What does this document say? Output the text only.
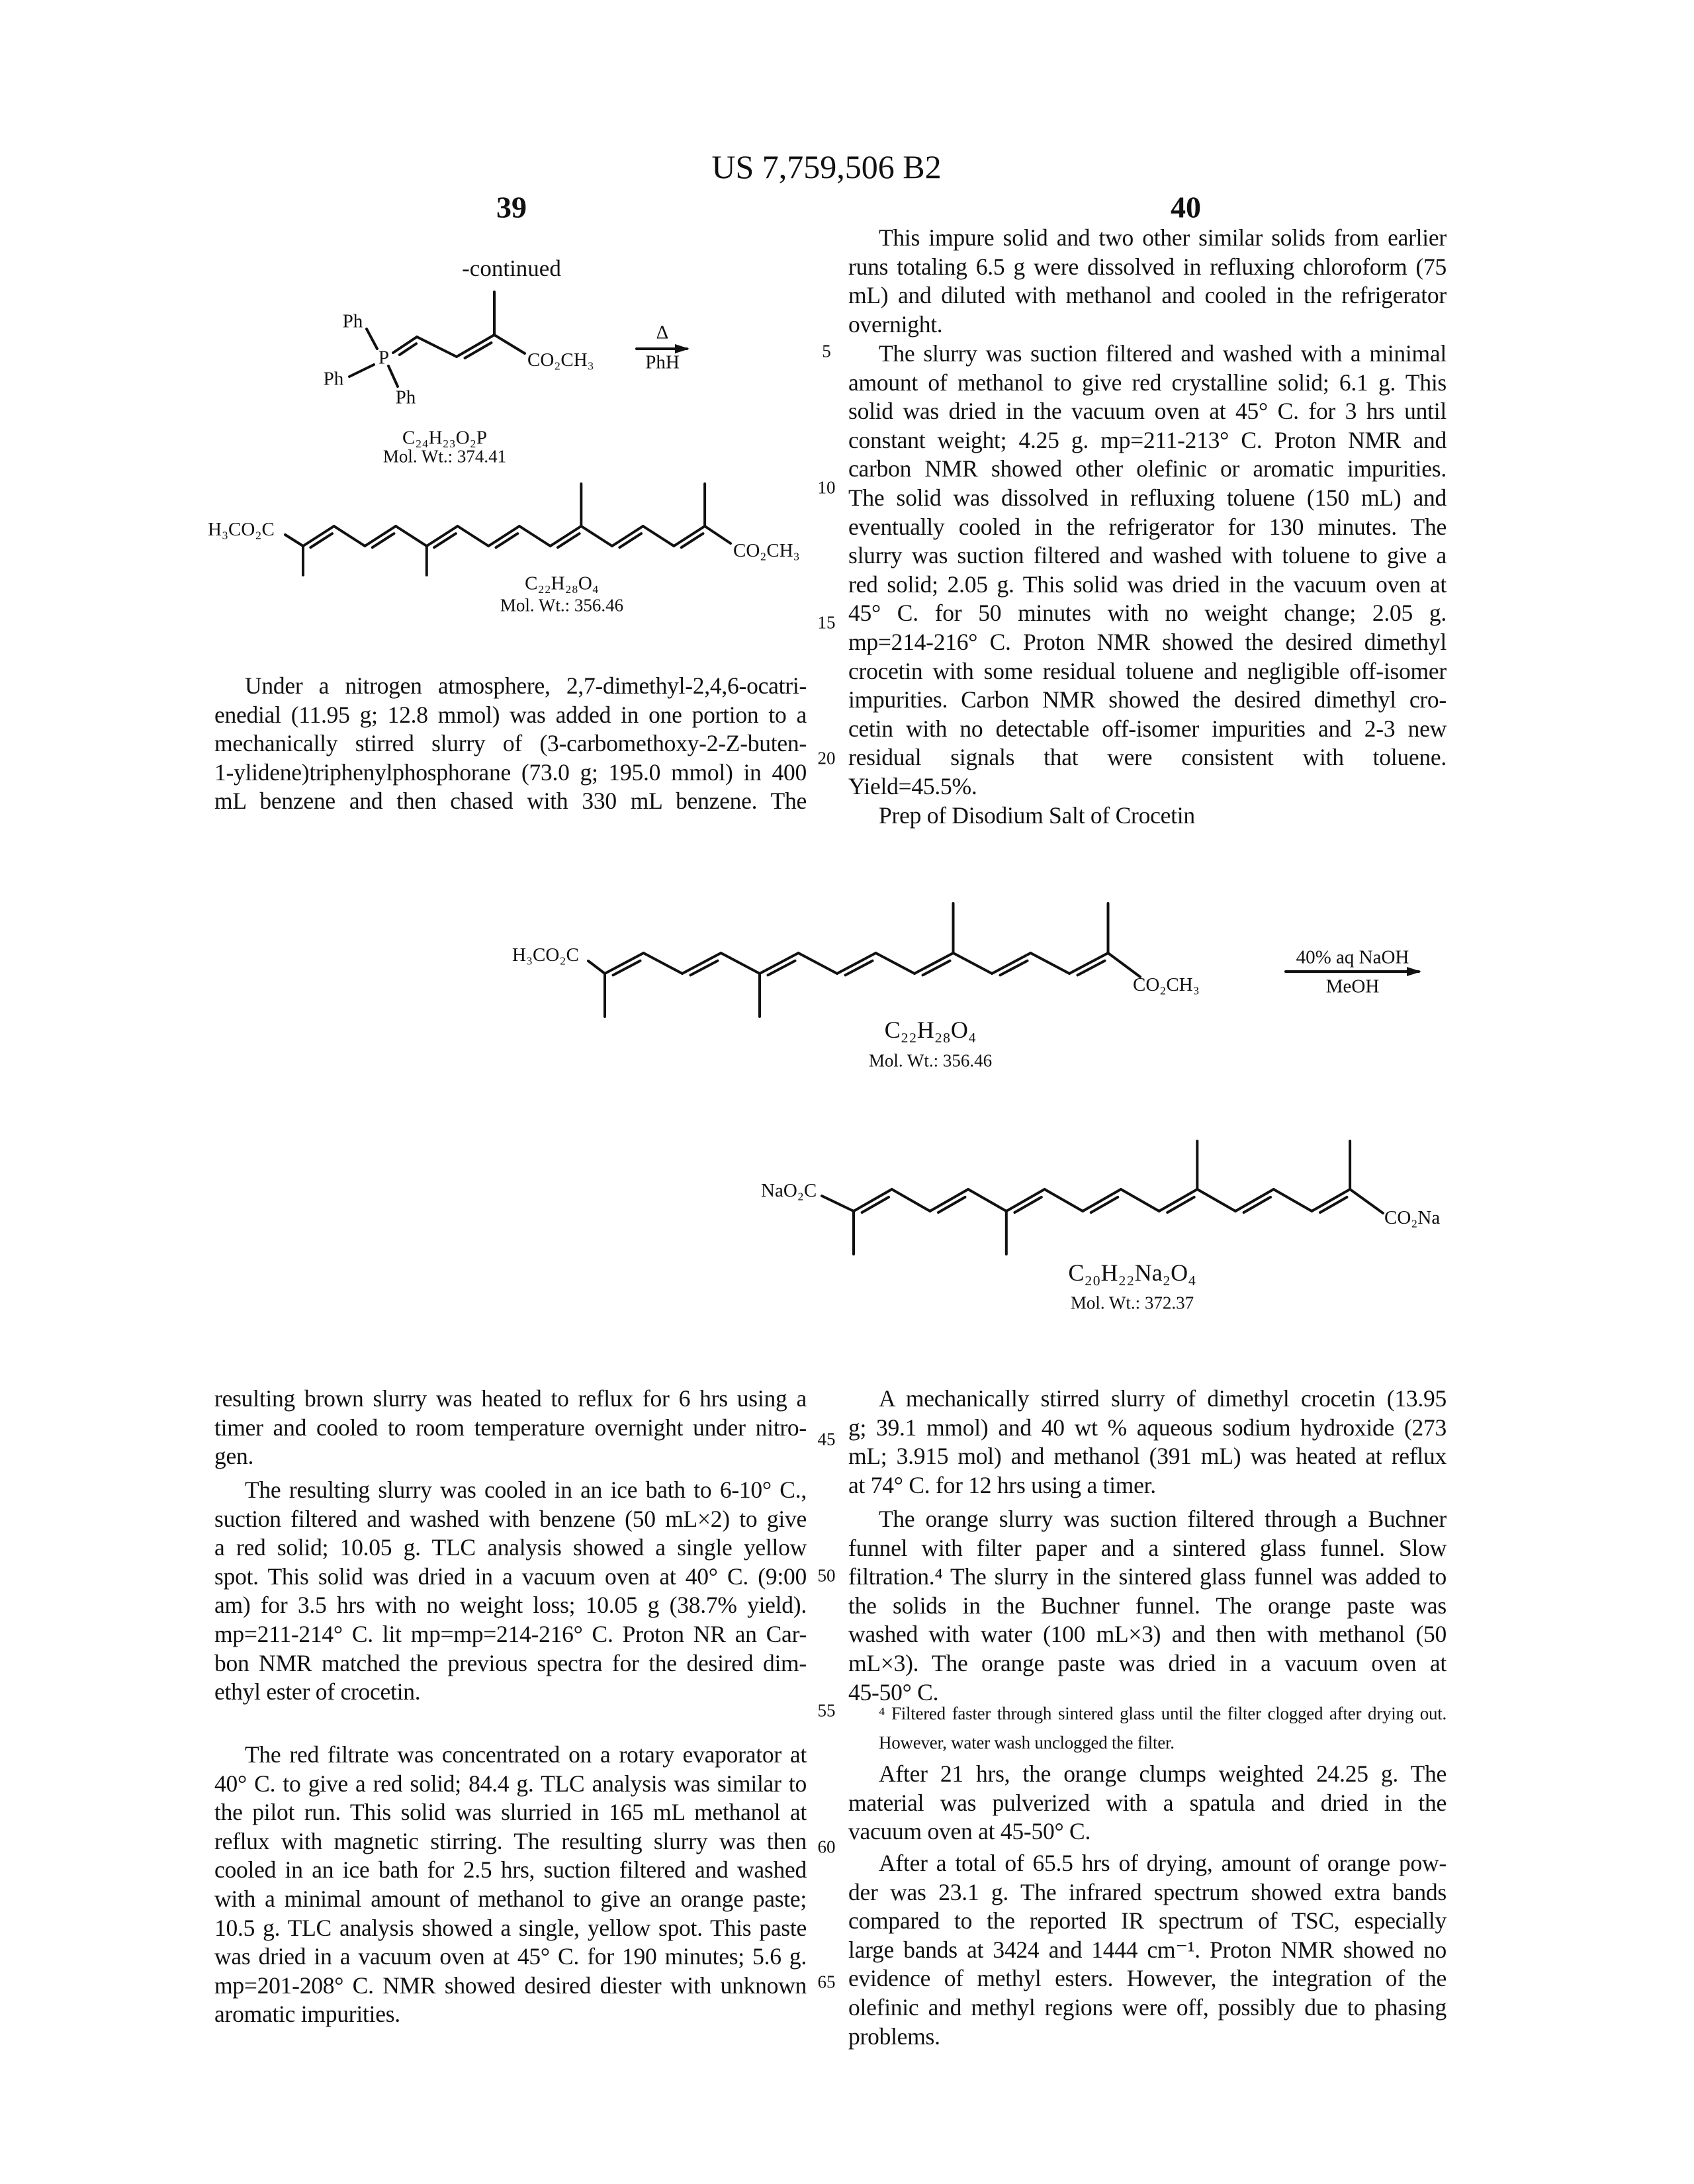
US 7,759,506 B2
39	40
-continued
Ph
P
Ph
Ph
CO₂CH₃
C₂₄H₂₃O₂P
Mol. Wt.: 374.41
Δ
PhH
H₃CO₂C
CO₂CH₃
C₂₂H₂₈O₄
Mol. Wt.: 356.46
H₃CO₂C
CO₂CH₃
C₂₂H₂₈O₄
Mol. Wt.: 356.46
40% aq NaOH
MeOH
NaO₂C
CO₂Na
C₂₀H₂₂Na₂O₄
Mol. Wt.: 372.37
5
10
15
20
45
50
55
60
65
Under a nitrogen atmosphere, 2,7-dimethyl-2,4,6-ocatri-
enedial (11.95 g; 12.8 mmol) was added in one portion to a
mechanically stirred slurry of (3-carbomethoxy-2-Z-buten-
1-ylidene)triphenylphosphorane (73.0 g; 195.0 mmol) in 400
mL benzene and then chased with 330 mL benzene. The
resulting brown slurry was heated to reflux for 6 hrs using a
timer and cooled to room temperature overnight under nitro-
gen.
The resulting slurry was cooled in an ice bath to 6-10° C.,
suction filtered and washed with benzene (50 mL×2) to give
a red solid; 10.05 g. TLC analysis showed a single yellow
spot. This solid was dried in a vacuum oven at 40° C. (9:00
am) for 3.5 hrs with no weight loss; 10.05 g (38.7% yield).
mp=211-214° C. lit mp=mp=214-216° C. Proton NR an Car-
bon NMR matched the previous spectra for the desired dim-
ethyl ester of crocetin.
The red filtrate was concentrated on a rotary evaporator at
40° C. to give a red solid; 84.4 g. TLC analysis was similar to
the pilot run. This solid was slurried in 165 mL methanol at
reflux with magnetic stirring. The resulting slurry was then
cooled in an ice bath for 2.5 hrs, suction filtered and washed
with a minimal amount of methanol to give an orange paste;
10.5 g. TLC analysis showed a single, yellow spot. This paste
was dried in a vacuum oven at 45° C. for 190 minutes; 5.6 g.
mp=201-208° C. NMR showed desired diester with unknown
aromatic impurities.
This impure solid and two other similar solids from earlier
runs totaling 6.5 g were dissolved in refluxing chloroform (75
mL) and diluted with methanol and cooled in the refrigerator
overnight.
The slurry was suction filtered and washed with a minimal
amount of methanol to give red crystalline solid; 6.1 g. This
solid was dried in the vacuum oven at 45° C. for 3 hrs until
constant weight; 4.25 g. mp=211-213° C. Proton NMR and
carbon NMR showed other olefinic or aromatic impurities.
The solid was dissolved in refluxing toluene (150 mL) and
eventually cooled in the refrigerator for 130 minutes. The
slurry was suction filtered and washed with toluene to give a
red solid; 2.05 g. This solid was dried in the vacuum oven at
45° C. for 50 minutes with no weight change; 2.05 g.
mp=214-216° C. Proton NMR showed the desired dimethyl
crocetin with some residual toluene and negligible off-isomer
impurities. Carbon NMR showed the desired dimethyl cro-
cetin with no detectable off-isomer impurities and 2-3 new
residual signals that were consistent with toluene.
Yield=45.5%.
Prep of Disodium Salt of Crocetin
A mechanically stirred slurry of dimethyl crocetin (13.95
g; 39.1 mmol) and 40 wt % aqueous sodium hydroxide (273
mL; 3.915 mol) and methanol (391 mL) was heated at reflux
at 74° C. for 12 hrs using a timer.
The orange slurry was suction filtered through a Buchner
funnel with filter paper and a sintered glass funnel. Slow
filtration.⁴ The slurry in the sintered glass funnel was added to
the solids in the Buchner funnel. The orange paste was
washed with water (100 mL×3) and then with methanol (50
mL×3). The orange paste was dried in a vacuum oven at
45-50° C.
⁴ Filtered faster through sintered glass until the filter clogged after drying out.
However, water wash unclogged the filter.
After 21 hrs, the orange clumps weighted 24.25 g. The
material was pulverized with a spatula and dried in the
vacuum oven at 45-50° C.
After a total of 65.5 hrs of drying, amount of orange pow-
der was 23.1 g. The infrared spectrum showed extra bands
compared to the reported IR spectrum of TSC, especially
large bands at 3424 and 1444 cm⁻¹. Proton NMR showed no
evidence of methyl esters. However, the integration of the
olefinic and methyl regions were off, possibly due to phasing
problems.
